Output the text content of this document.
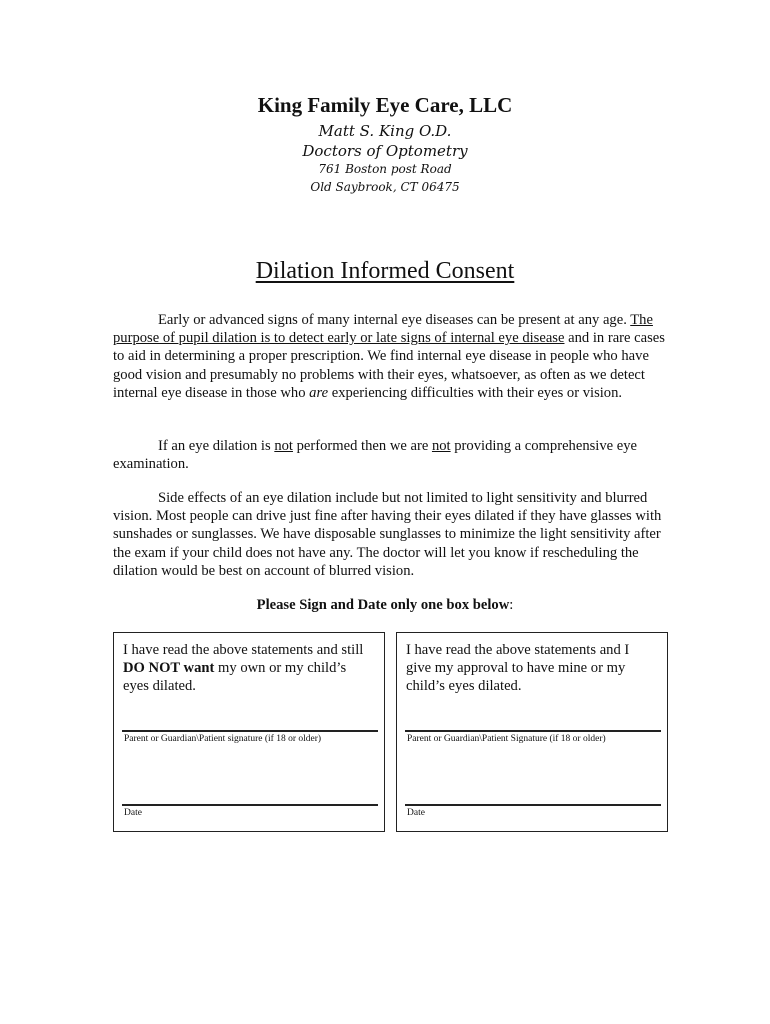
King Family Eye Care, LLC
Matt S. King O.D.
Doctors of Optometry
761 Boston post Road
Old Saybrook, CT 06475
Dilation Informed Consent
Early or advanced signs of many internal eye diseases can be present at any age. The purpose of pupil dilation is to detect early or late signs of internal eye disease and in rare cases to aid in determining a proper prescription. We find internal eye disease in people who have good vision and presumably no problems with their eyes, whatsoever, as often as we detect internal eye disease in those who are experiencing difficulties with their eyes or vision.
If an eye dilation is not performed then we are not providing a comprehensive eye examination.
Side effects of an eye dilation include but not limited to light sensitivity and blurred vision. Most people can drive just fine after having their eyes dilated if they have glasses with sunshades or sunglasses. We have disposable sunglasses to minimize the light sensitivity after the exam if your child does not have any. The doctor will let you know if rescheduling the dilation would be best on account of blurred vision.
Please Sign and Date only one box below:
I have read the above statements and still DO NOT want my own or my child’s eyes dilated.
Parent or Guardian\Patient signature (if 18 or older)
Date
I have read the above statements and I give my approval to have mine or my child’s eyes dilated.
Parent or Guardian\Patient Signature (if 18 or older)
Date
